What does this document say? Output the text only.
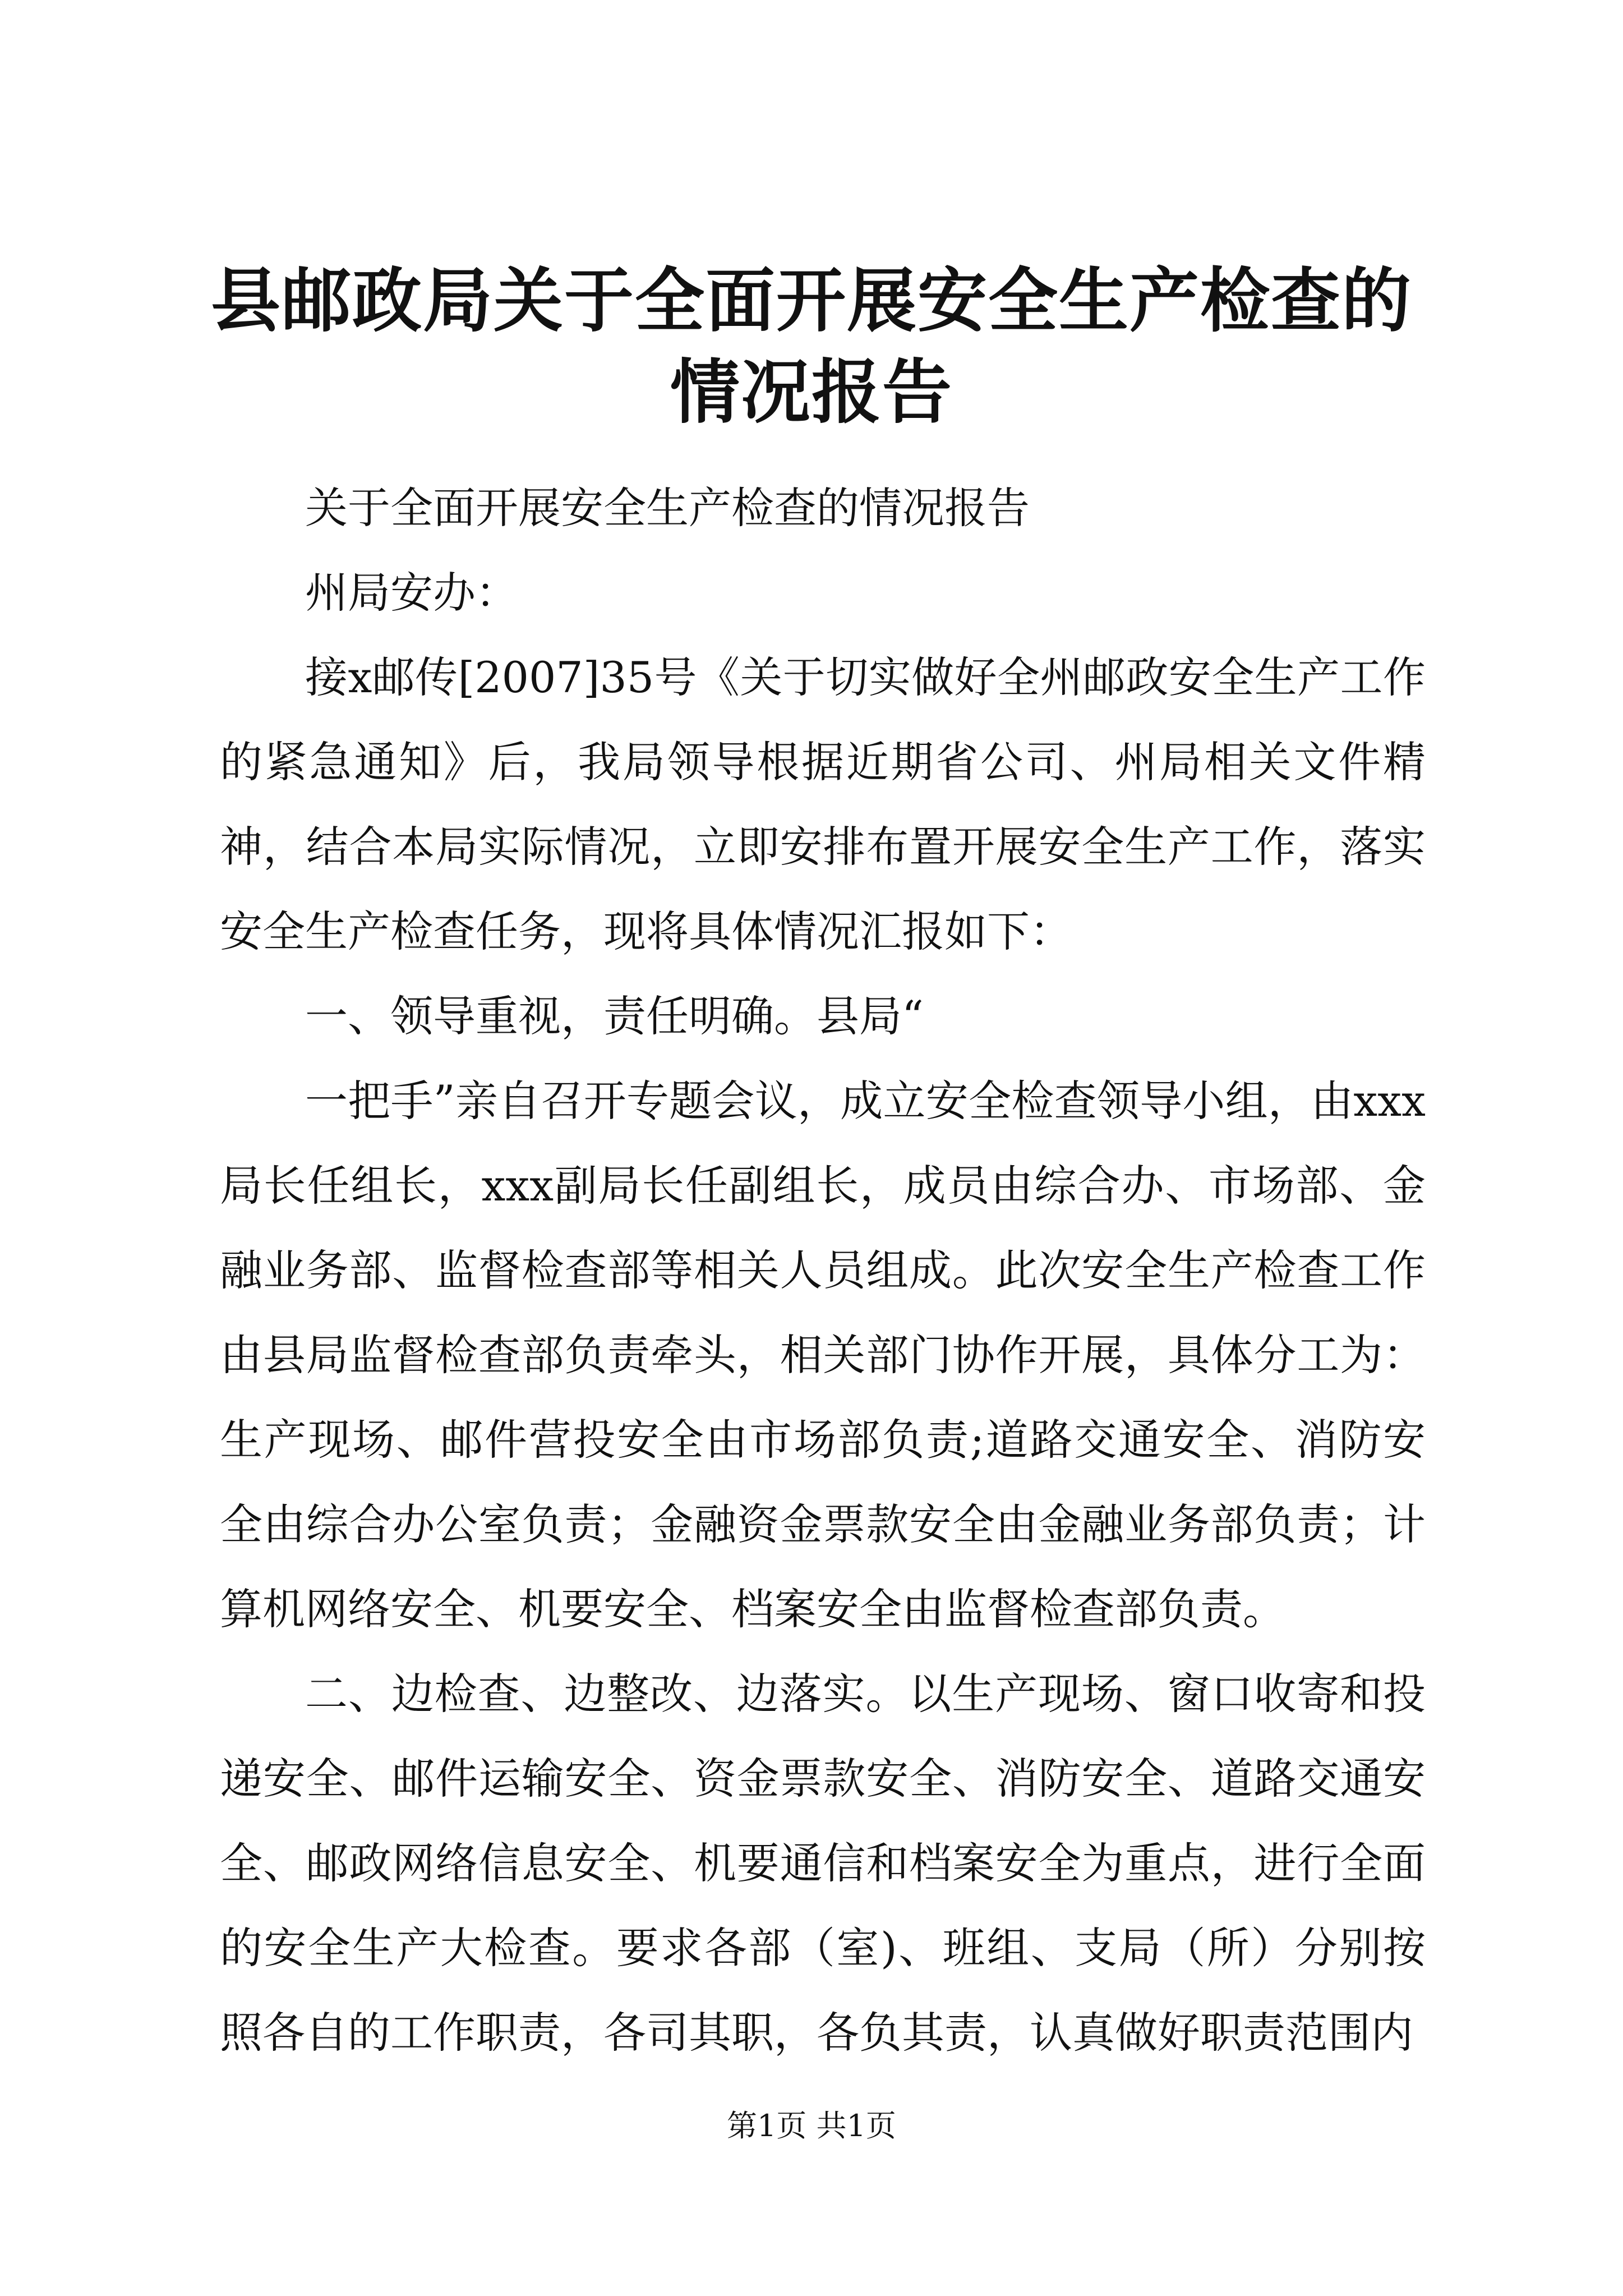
县邮政局关于全面开展安全生产检查的情况报告

关于全面开展安全生产检查的情况报告

州局安办：

接x邮传[2007]35号《关于切实做好全州邮政安全生产工作的紧急通知》后，我局领导根据近期省公司、州局相关文件精神，结合本局实际情况，立即安排布置开展安全生产工作，落实安全生产检查任务，现将具体情况汇报如下：

一、领导重视，责任明确。县局“

一把手”亲自召开专题会议，成立安全检查领导小组，由xxx局长任组长，xxx副局长任副组长，成员由综合办、市场部、金融业务部、监督检查部等相关人员组成。此次安全生产检查工作由县局监督检查部负责牵头，相关部门协作开展，具体分工为：生产现场、邮件营投安全由市场部负责;道路交通安全、消防安全由综合办公室负责；金融资金票款安全由金融业务部负责；计算机网络安全、机要安全、档案安全由监督检查部负责。

二、边检查、边整改、边落实。以生产现场、窗口收寄和投递安全、邮件运输安全、资金票款安全、消防安全、道路交通安全、邮政网络信息安全、机要通信和档案安全为重点，进行全面的安全生产大检查。要求各部（室)、班组、支局（所）分别按照各自的工作职责，各司其职，各负其责，认真做好职责范围内

第1页 共1页
